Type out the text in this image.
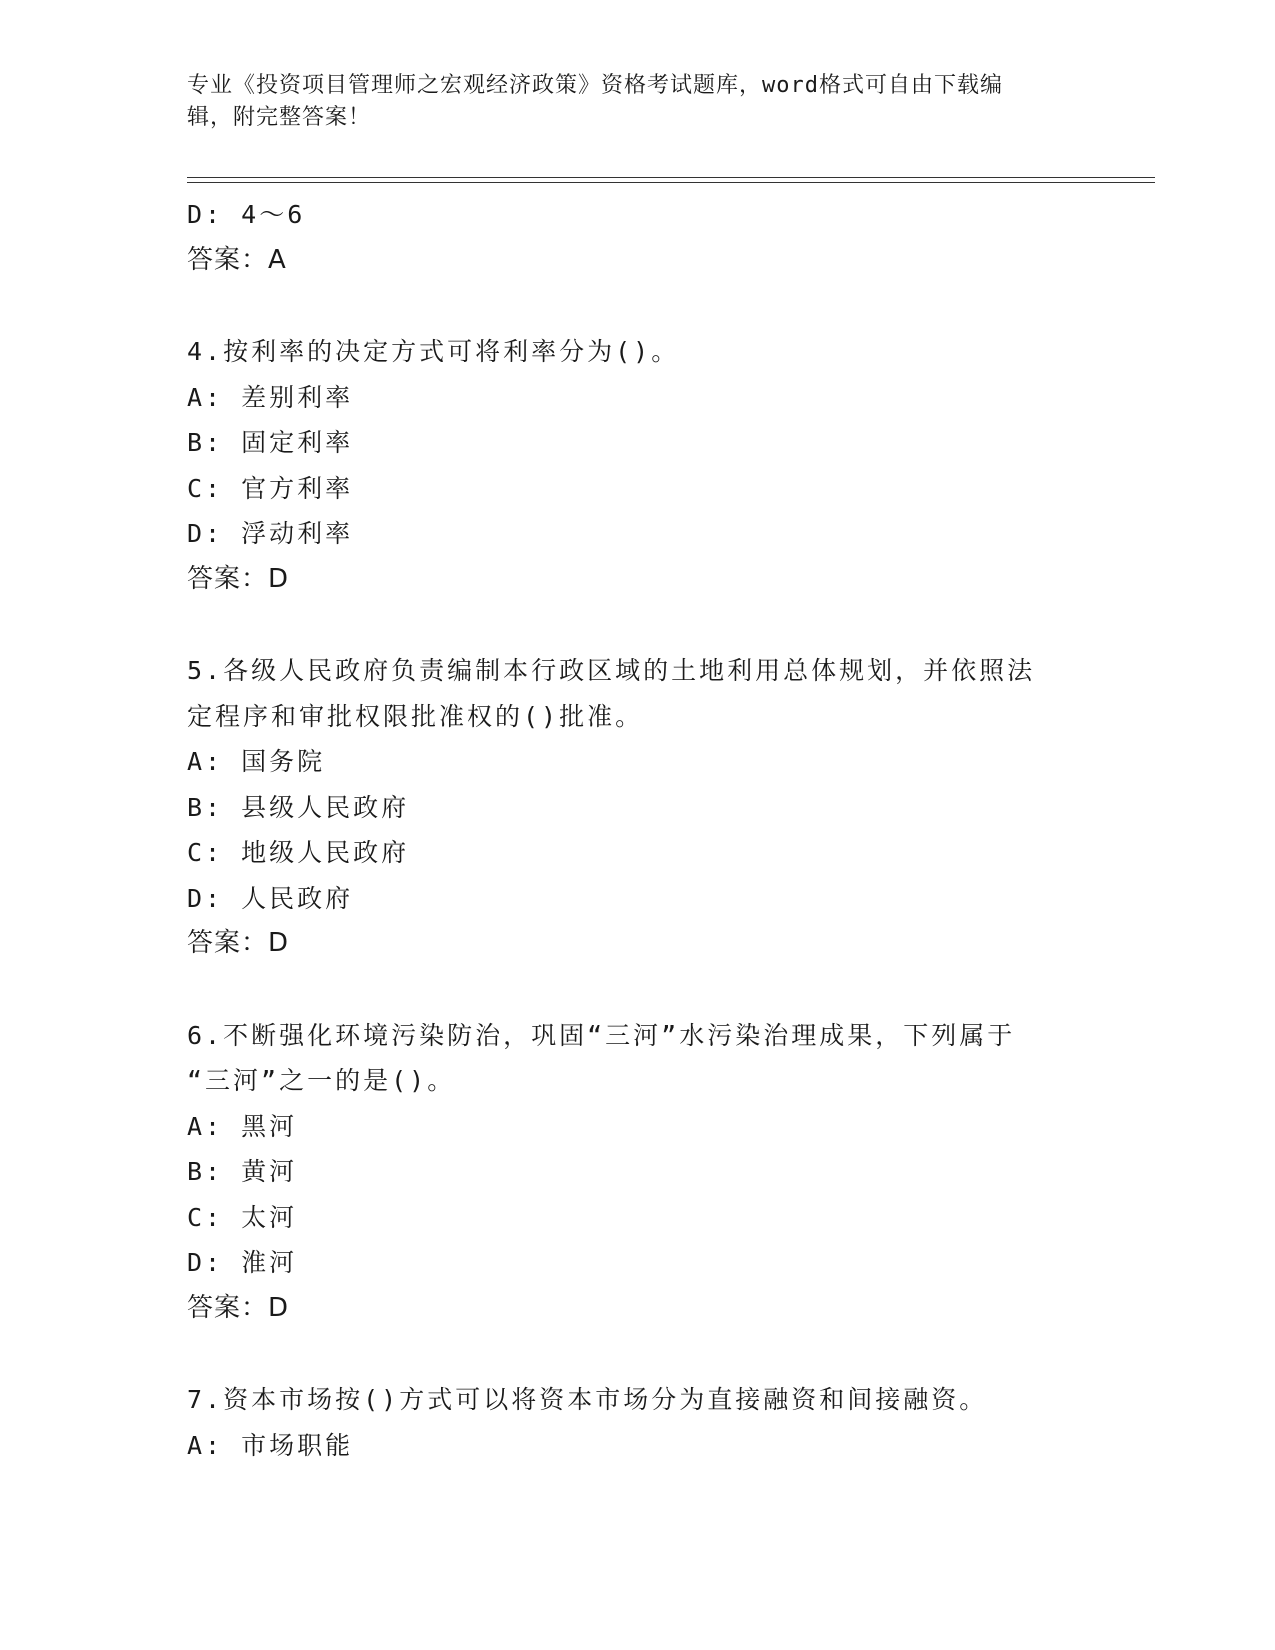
专业《投资项目管理师之宏观经济政策》资格考试题库，word格式可自由下载编
辑，附完整答案！
D: 4～6
答案：A
4.按利率的决定方式可将利率分为()。
A: 差别利率
B: 固定利率
C: 官方利率
D: 浮动利率
答案：D
5.各级人民政府负责编制本行政区域的土地利用总体规划，并依照法
定程序和审批权限批准权的()批准。
A: 国务院
B: 县级人民政府
C: 地级人民政府
D: 人民政府
答案：D
6.不断强化环境污染防治，巩固“三河”水污染治理成果，下列属于
“三河”之一的是()。
A: 黑河
B: 黄河
C: 太河
D: 淮河
答案：D
7.资本市场按()方式可以将资本市场分为直接融资和间接融资。
A: 市场职能
